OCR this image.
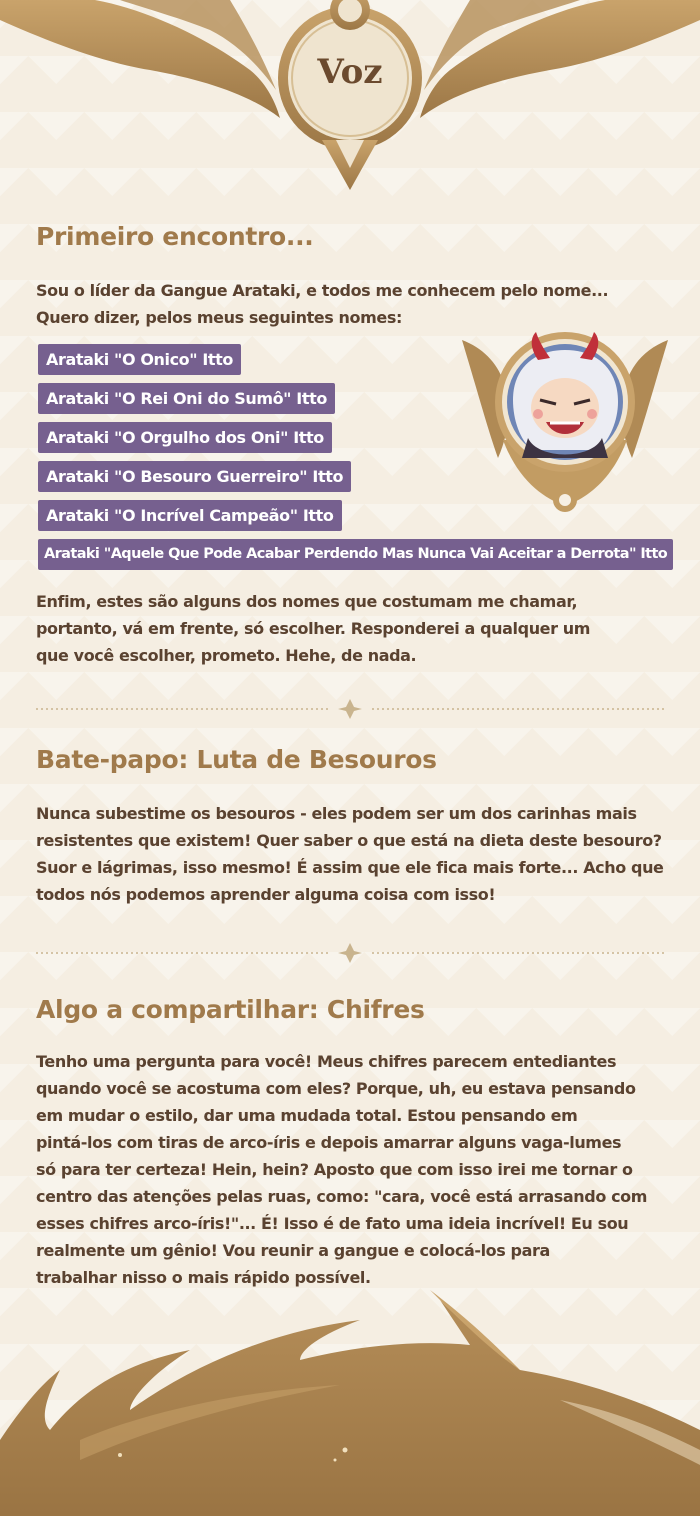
Voz
Primeiro encontro...
Sou o líder da Gangue Arataki, e todos me conhecem pelo nome...
Quero dizer, pelos meus seguintes nomes:
Arataki "O Onico" Itto
Arataki "O Rei Oni do Sumô" Itto
Arataki "O Orgulho dos Oni" Itto
Arataki "O Besouro Guerreiro" Itto
Arataki "O Incrível Campeão" Itto
Arataki "Aquele Que Pode Acabar Perdendo Mas Nunca Vai Aceitar a Derrota" Itto
Enfim, estes são alguns dos nomes que costumam me chamar,
portanto, vá em frente, só escolher. Responderei a qualquer um
que você escolher, prometo. Hehe, de nada.
Bate-papo: Luta de Besouros
Nunca subestime os besouros - eles podem ser um dos carinhas mais
resistentes que existem! Quer saber o que está na dieta deste besouro?
Suor e lágrimas, isso mesmo! É assim que ele fica mais forte... Acho que
todos nós podemos aprender alguma coisa com isso!
Algo a compartilhar: Chifres
Tenho uma pergunta para você! Meus chifres parecem entediantes
quando você se acostuma com eles? Porque, uh, eu estava pensando
em mudar o estilo, dar uma mudada total. Estou pensando em
pintá-los com tiras de arco-íris e depois amarrar alguns vaga-lumes
só para ter certeza! Hein, hein? Aposto que com isso irei me tornar o
centro das atenções pelas ruas, como: "cara, você está arrasando com
esses chifres arco-íris!"... É! Isso é de fato uma ideia incrível! Eu sou
realmente um gênio! Vou reunir a gangue e colocá-los para
trabalhar nisso o mais rápido possível.
